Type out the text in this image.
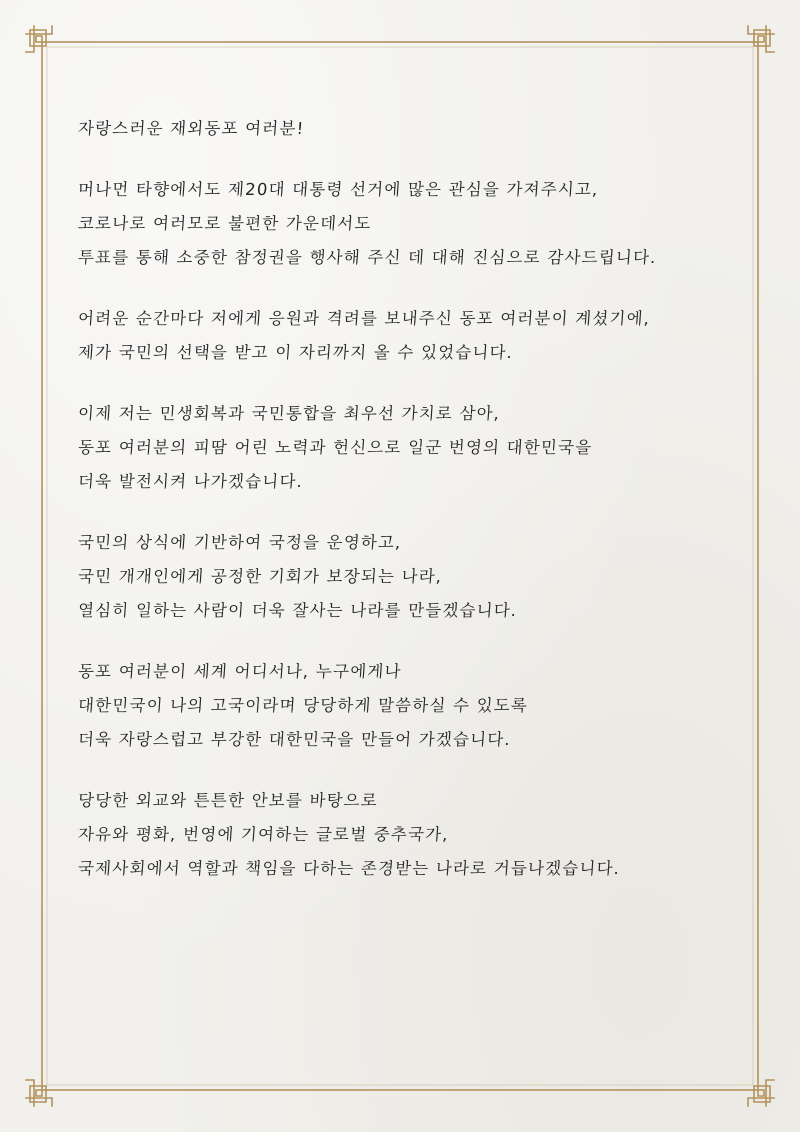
자랑스러운 재외동포 여러분!
머나먼 타향에서도 제20대 대통령 선거에 많은 관심을 가져주시고,
코로나로 여러모로 불편한 가운데서도
투표를 통해 소중한 참정권을 행사해 주신 데 대해 진심으로 감사드립니다.
어려운 순간마다 저에게 응원과 격려를 보내주신 동포 여러분이 계셨기에,
제가 국민의 선택을 받고 이 자리까지 올 수 있었습니다.
이제 저는 민생회복과 국민통합을 최우선 가치로 삼아,
동포 여러분의 피땀 어린 노력과 헌신으로 일군 번영의 대한민국을
더욱 발전시켜 나가겠습니다.
국민의 상식에 기반하여 국정을 운영하고,
국민 개개인에게 공정한 기회가 보장되는 나라,
열심히 일하는 사람이 더욱 잘사는 나라를 만들겠습니다.
동포 여러분이 세계 어디서나, 누구에게나
대한민국이 나의 고국이라며 당당하게 말씀하실 수 있도록
더욱 자랑스럽고 부강한 대한민국을 만들어 가겠습니다.
당당한 외교와 튼튼한 안보를 바탕으로
자유와 평화, 번영에 기여하는 글로벌 중추국가,
국제사회에서 역할과 책임을 다하는 존경받는 나라로 거듭나겠습니다.
